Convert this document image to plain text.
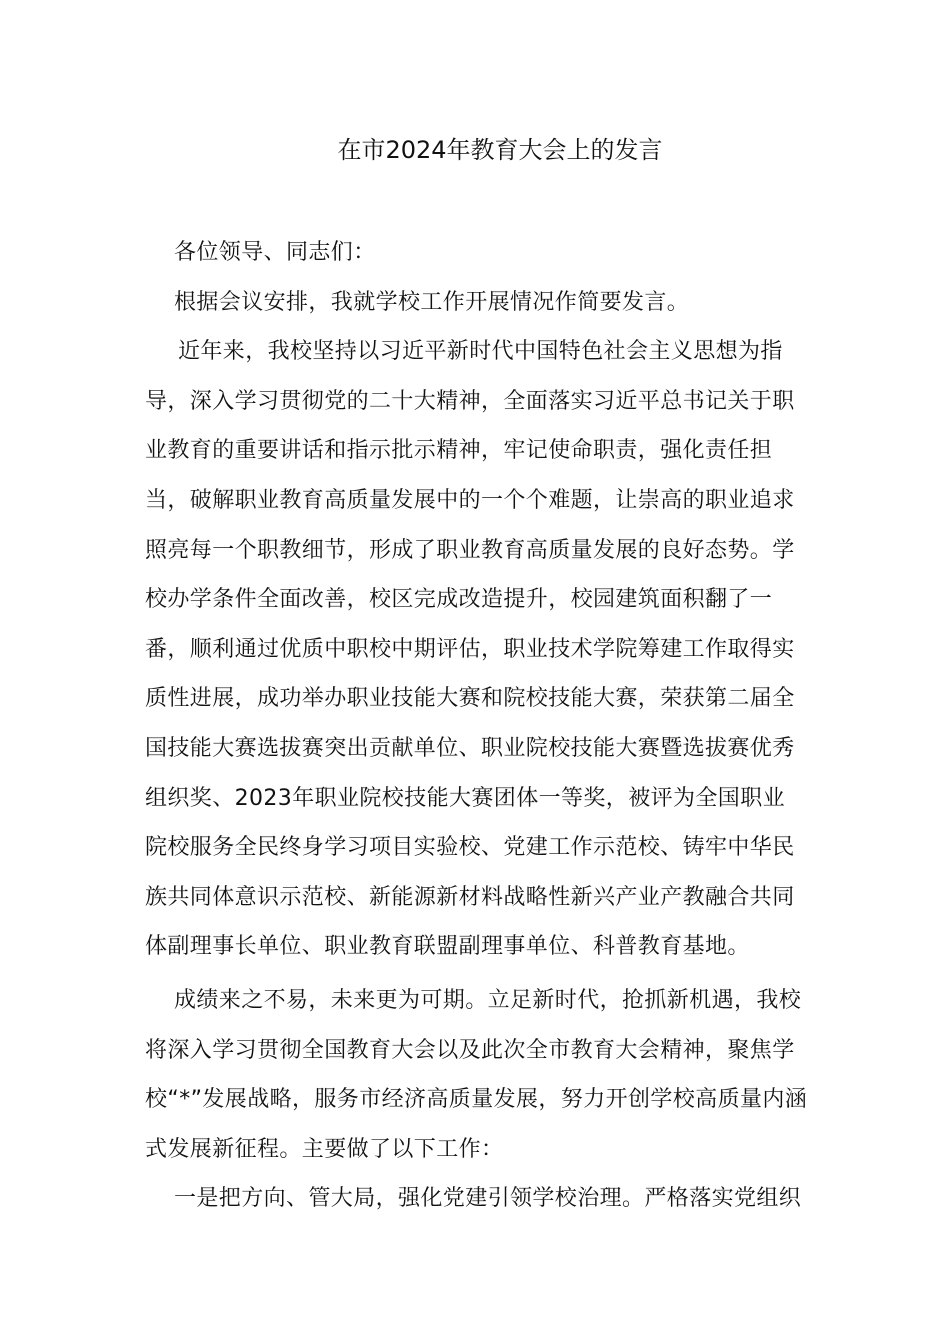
在市2024年教育大会上的发言
各位领导、同志们：
根据会议安排，我就学校工作开展情况作简要发言。
近年来，我校坚持以习近平新时代中国特色社会主义思想为指
导，深入学习贯彻党的二十大精神，全面落实习近平总书记关于职
业教育的重要讲话和指示批示精神，牢记使命职责，强化责任担
当，破解职业教育高质量发展中的一个个难题，让崇高的职业追求
照亮每一个职教细节，形成了职业教育高质量发展的良好态势。学
校办学条件全面改善，校区完成改造提升，校园建筑面积翻了一
番，顺利通过优质中职校中期评估，职业技术学院筹建工作取得实
质性进展，成功举办职业技能大赛和院校技能大赛，荣获第二届全
国技能大赛选拔赛突出贡献单位、职业院校技能大赛暨选拔赛优秀
组织奖、2023年职业院校技能大赛团体一等奖，被评为全国职业
院校服务全民终身学习项目实验校、党建工作示范校、铸牢中华民
族共同体意识示范校、新能源新材料战略性新兴产业产教融合共同
体副理事长单位、职业教育联盟副理事单位、科普教育基地。
成绩来之不易，未来更为可期。立足新时代，抢抓新机遇，我校
将深入学习贯彻全国教育大会以及此次全市教育大会精神，聚焦学
校“*”发展战略，服务市经济高质量发展，努力开创学校高质量内涵
式发展新征程。主要做了以下工作：
一是把方向、管大局，强化党建引领学校治理。严格落实党组织
